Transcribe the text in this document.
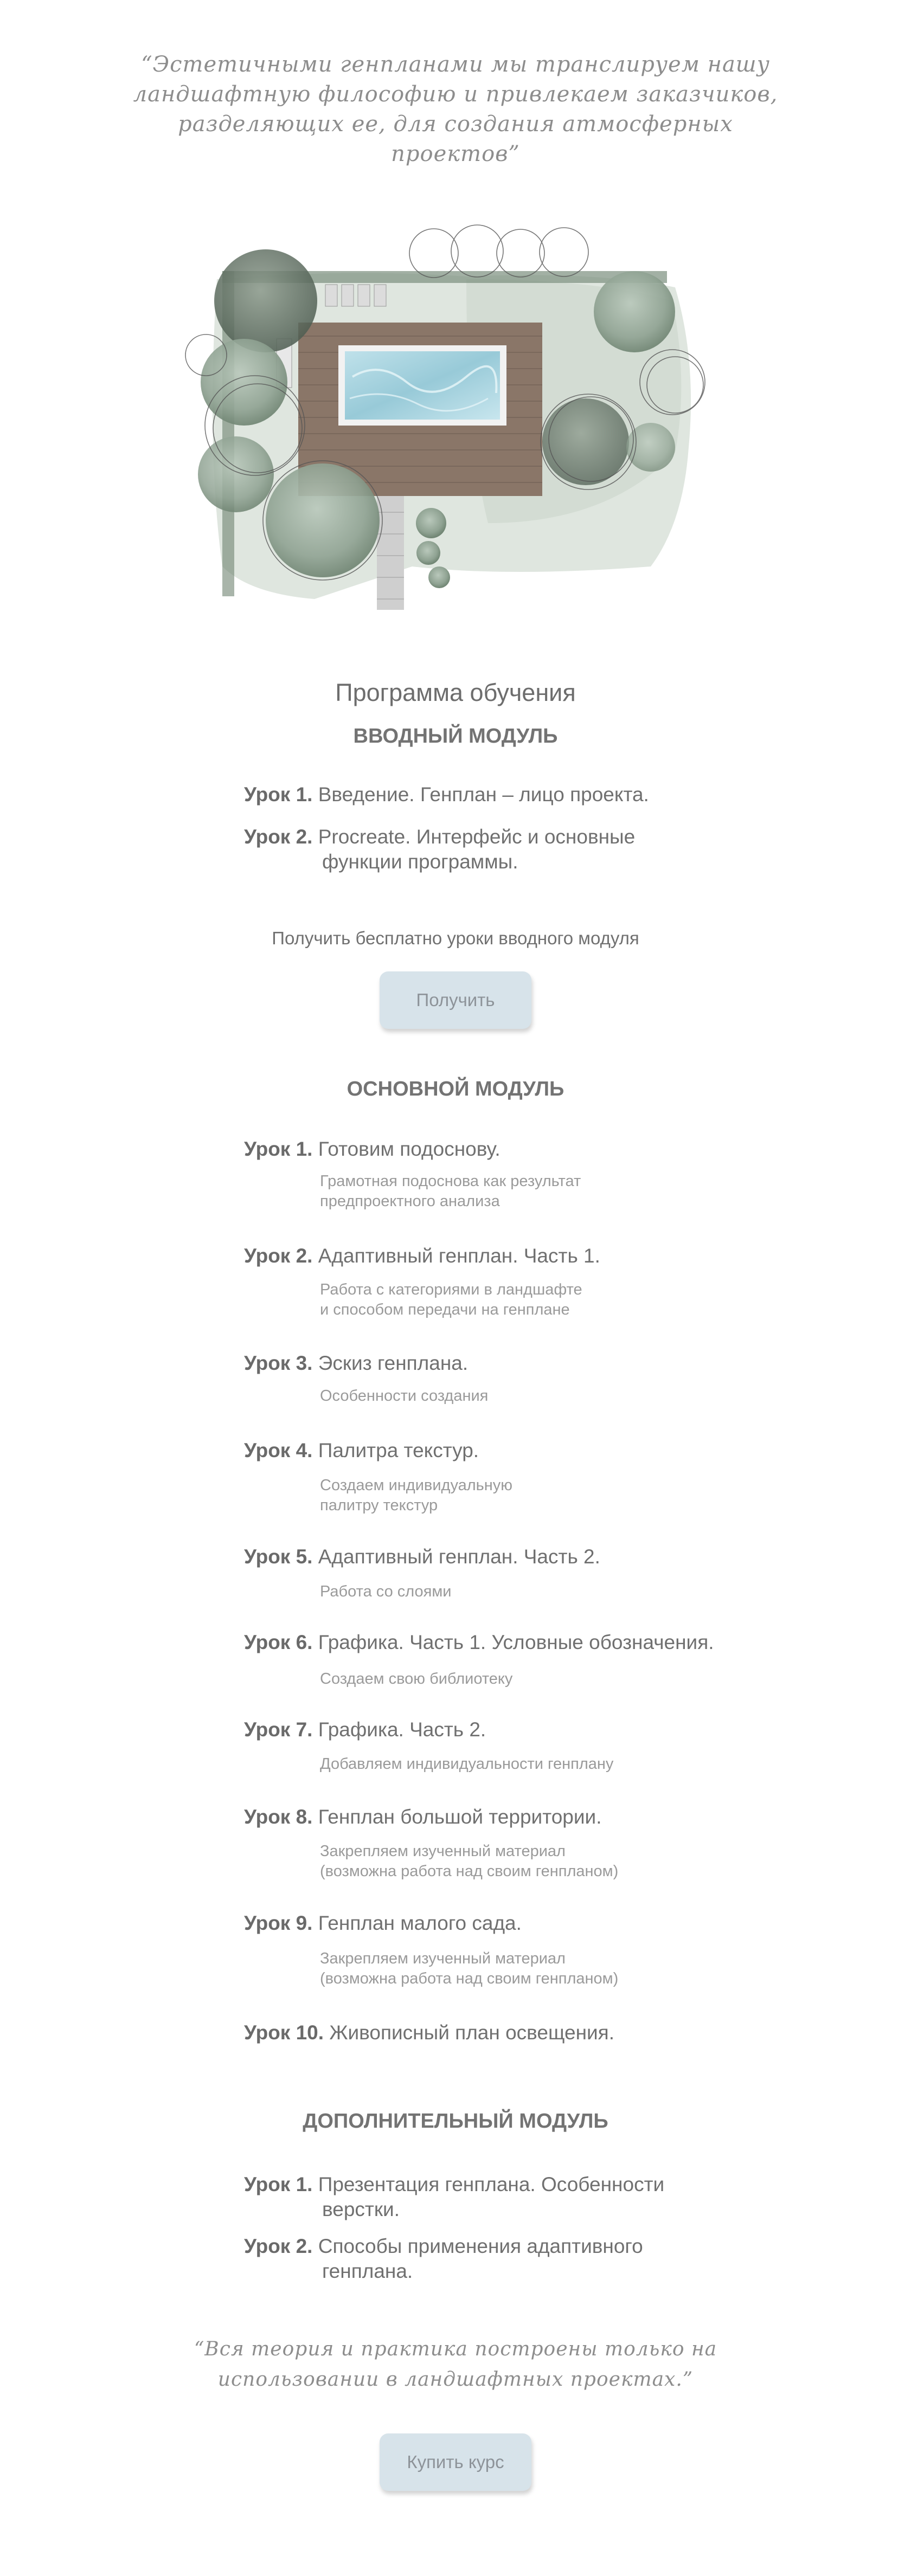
“Эстетичными генпланами мы транслируем нашу ландшафтную философию и привлекаем заказчиков, разделяющих ее, для создания атмосферных проектов”
Программа обучения
ВВОДНЫЙ МОДУЛЬ
Урок 1. Введение. Генплан – лицо проекта.
Урок 2. Procreate. Интерфейс и основные
функции программы.
Получить бесплатно уроки вводного модуля
Получить
ОСНОВНОЙ МОДУЛЬ
Урок 1. Готовим подоснову.
Грамотная подоснова как результат
предпроектного анализа
Урок 2. Адаптивный генплан. Часть 1.
Работа с категориями в ландшафте
и способом передачи на генплане
Урок 3. Эскиз генплана.
Особенности создания
Урок 4. Палитра текстур.
Создаем индивидуальную
палитру текстур
Урок 5. Адаптивный генплан. Часть 2.
Работа со слоями
Урок 6. Графика. Часть 1. Условные обозначения.
Создаем свою библиотеку
Урок 7. Графика. Часть 2.
Добавляем индивидуальности генплану
Урок 8. Генплан большой территории.
Закрепляем изученный материал
(возможна работа над своим генпланом)
Урок 9. Генплан малого сада.
Закрепляем изученный материал
(возможна работа над своим генпланом)
Урок 10. Живописный план освещения.
ДОПОЛНИТЕЛЬНЫЙ МОДУЛЬ
Урок 1. Презентация генплана. Особенности
верстки.
Урок 2. Способы применения адаптивного
генплана.
“Вся теория и практика построены только на использовании в ландшафтных проектах.”
Купить курс
